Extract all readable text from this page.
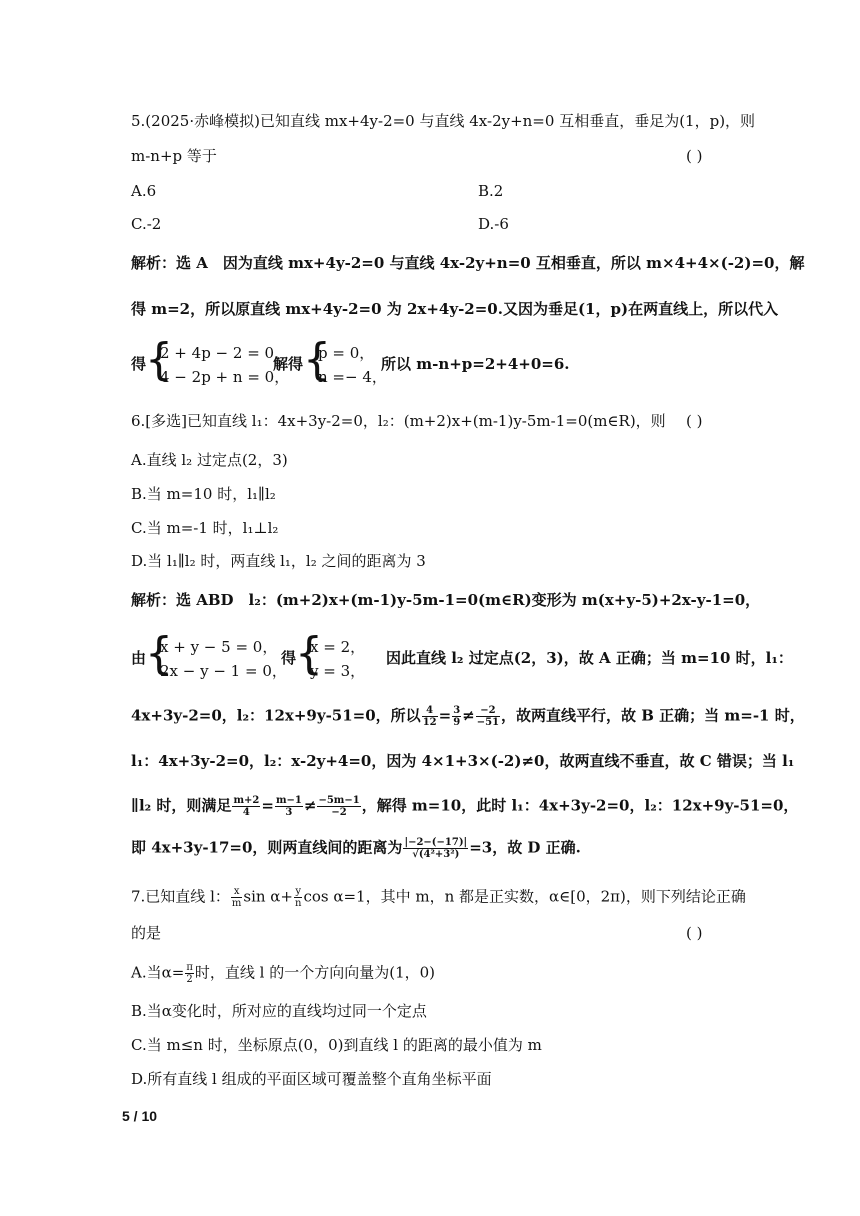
5.(2025·赤峰模拟)已知直线 mx+4y-2=0 与直线 4x-2y+n=0 互相垂直，垂足为(1，p)，则
m-n+p 等于	( )
A.6	B.2
C.-2	D.-6
解析：选 A　因为直线 mx+4y-2=0 与直线 4x-2y+n=0 互相垂直，所以 m×4+4×(-2)=0，解
得 m=2，所以原直线 mx+4y-2=0 为 2x+4y-2=0.又因为垂足(1，p)在两直线上，所以代入
得
{
2 + 4p − 2 = 0，
4 − 2p + n = 0，
解得 {
p = 0，
n =− 4，
所以 m-n+p=2+4+0=6.
6.[多选]已知直线 l₁：4x+3y-2=0，l₂：(m+2)x+(m-1)y-5m-1=0(m∈R)，则 ( )
A.直线 l₂ 过定点(2，3)
B.当 m=10 时，l₁∥l₂
C.当 m=-1 时，l₁⊥l₂
D.当 l₁∥l₂ 时，两直线 l₁，l₂ 之间的距离为 3
解析：选 ABD　l₂：(m+2)x+(m-1)y-5m-1=0(m∈R)变形为 m(x+y-5)+2x-y-1=0，
由
{
x + y − 5 = 0，
2x − y − 1 = 0，
得
{
x = 2，
y = 3，
因此直线 l₂ 过定点(2，3)，故 A 正确；当 m=10 时，l₁：
4x+3y-2=0，l₂：12x+9y-51=0，所以 $\frac{4}{12} = \frac{3}{9} \ne \frac{-2}{-51}$ ，故两直线平行，故 B 正确；当 m=-1 时，
l₁：4x+3y-2=0，l₂：x-2y+4=0，因为 4×1+3×(-2)≠0，故两直线不垂直，故 C 错误；当 l₁
∥l₂ 时，则满足 $\frac{m+2}{4} = \frac{m-1}{3} \ne \frac{-5m-1}{-2}$ ，解得 m=10，此时 l₁：4x+3y-2=0，l₂：12x+9y-51=0，
即 4x+3y-17=0，则两直线间的距离为 $\frac{|-2-(-17)|}{\text{√(4²+3²)}} =3$，故 D 正确.
7.已知直线 l： $\frac{x}{m}$ $\sin \alpha+ \frac{y}{n}$ cos α=1，其中 m，n 都是正实数，α∈[0，2π)，则下列结论正确
的是	( )
A.当$\alpha= \frac{\pi}{2}$ 时，直线 l 的一个方向向量为(1，0)
B.当α变化时，所对应的直线均过同一个定点
C.当 m≤n 时，坐标原点(0，0)到直线 l 的距离的最小值为 m
D.所有直线 l 组成的平面区域可覆盖整个直角坐标平面
5 / 10
